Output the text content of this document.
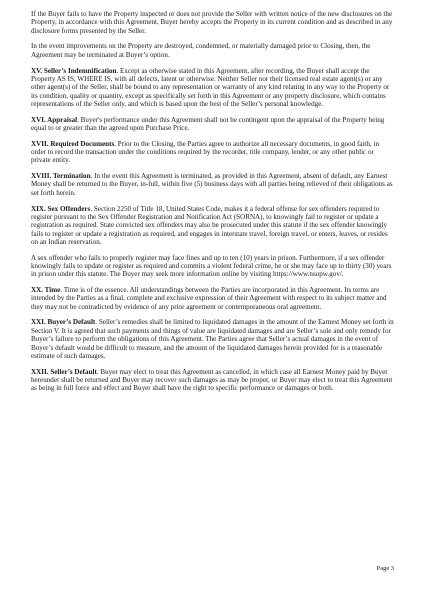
If the Buyer fails to have the Property inspected or does not provide the Seller with written notice of the new disclosures on the Property, in accordance with this Agreement, Buyer hereby accepts the Property in its current condition and as described in any disclosure forms presented by the Seller.

In the event improvements on the Property are destroyed, condemned, or materially damaged prior to Closing, then, the Agreement may be terminated at Buyer’s option.

XV. Seller’s Indemnification. Except as otherwise stated in this Agreement, after recording, the Buyer shall accept the Property AS IS, WHERE IS, with all defects, latent or otherwise. Neither Seller nor their licensed real estate agent(s) or any other agent(s) of the Seller, shall be bound to any representation or warranty of any kind relating in any way to the Property or its condition, quality or quantity, except as specifically set forth in this Agreement or any property disclosure, which contains representations of the Seller only, and which is based upon the best of the Seller’s personal knowledge.

XVI. Appraisal. Buyer's performance under this Agreement shall not be contingent upon the appraisal of the Property being equal to or greater than the agreed upon Purchase Price.

XVII. Required Documents. Prior to the Closing, the Parties agree to authorize all necessary documents, in good faith, in order to record the transaction under the conditions required by the recorder, title company, lender, or any other public or private entity.

XVIII. Termination. In the event this Agreement is terminated, as provided in this Agreement, absent of default, any Earnest Money shall be returned to the Buyer, in-full, within five (5) business days with all parties being relieved of their obligations as set forth herein.

XIX. Sex Offenders. Section 2250 of Title 18, United States Code, makes it a federal offense for sex offenders required to register pursuant to the Sex Offender Registration and Notification Act (SORNA), to knowingly fail to register or update a registration as required. State convicted sex offenders may also be prosecuted under this statute if the sex offender knowingly fails to register or update a registration as required, and engages in interstate travel, foreign travel, or enters, leaves, or resides on an Indian reservation.

A sex offender who fails to properly register may face fines and up to ten (10) years in prison. Furthermore, if a sex offender knowingly fails to update or register as required and commits a violent federal crime, he or she may face up to thirty (30) years in prison under this statute. The Buyer may seek more information online by visiting https://www.nsopw.gov/.

XX. Time. Time is of the essence. All understandings between the Parties are incorporated in this Agreement. Its terms are intended by the Parties as a final, complete and exclusive expression of their Agreement with respect to its subject matter and they may not be contradicted by evidence of any prior agreement or contemporaneous oral agreement.

XXI. Buyer’s Default. Seller’s remedies shall be limited to liquidated damages in the amount of the Earnest Money set forth in Section V. It is agreed that such payments and things of value are liquidated damages and are Seller’s sole and only remedy for Buyer’s failure to perform the obligations of this Agreement. The Parties agree that Seller’s actual damages in the event of Buyer’s default would be difficult to measure, and the amount of the liquidated damages herein provided for is a reasonable estimate of such damages.

XXII. Seller’s Default. Buyer may elect to treat this Agreement as cancelled, in which case all Earnest Money paid by Buyer hereunder shall be returned and Buyer may recover such damages as may be proper, or Buyer may elect to treat this Agreement as being in full force and effect and Buyer shall have the right to specific performance or damages or both.

Page 3
